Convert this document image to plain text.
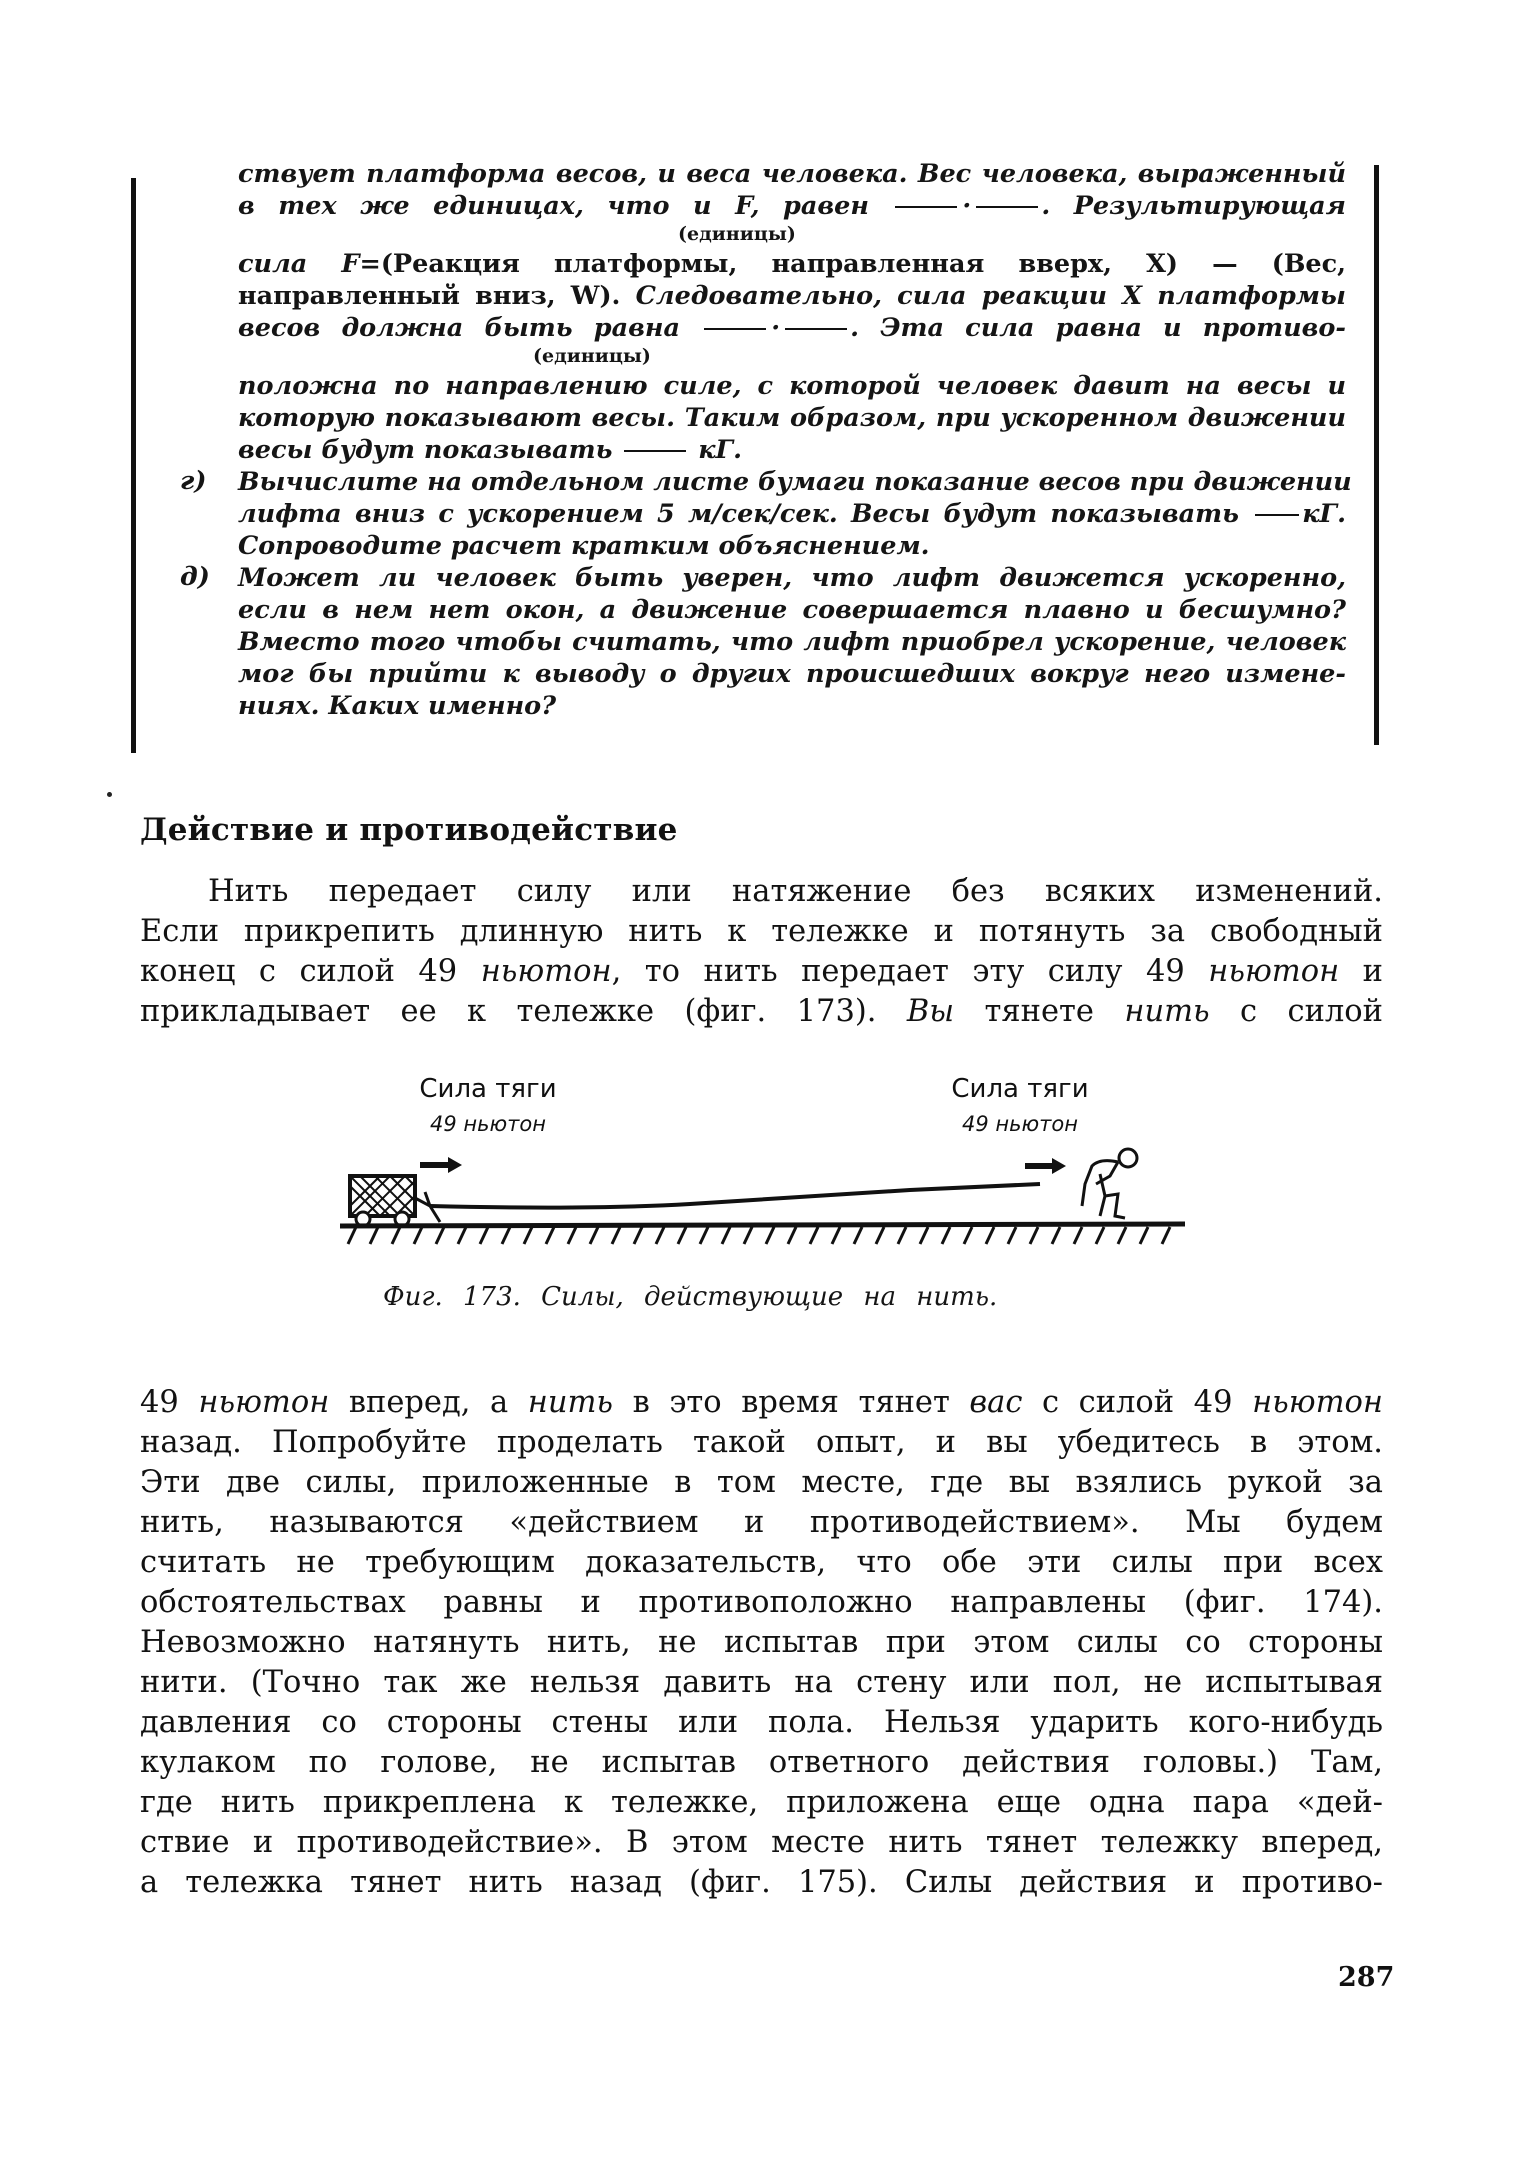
ствует платформа весов, и веса человека. Вес человека, выраженный
в тех же единицах, что и F, равен	·	. Результирующая
(единицы)
сила F=(Реакция платформы, направленная вверх, X) — (Вес,
направленный вниз, W). Следовательно, сила реакции X платформы
весов должна быть равна	·	. Эта сила равна и противо-
(единицы)
положна по направлению силе, с которой человек давит на весы и
которую показывают весы. Таким образом, при ускоренном движении
весы будут показывать	кГ.
г) Вычислите на отдельном листе бумаги показание весов при движении
лифта вниз с ускорением 5 м/сек/сек. Весы будут показывать кГ.
Сопроводите расчет кратким объяснением.
д) Может ли человек быть уверен, что лифт движется ускоренно,
если в нем нет окон, а движение совершается плавно и бесшумно?
Вместо того чтобы считать, что лифт приобрел ускорение, человек
мог бы прийти к выводу о других происшедших вокруг него измене-
ниях. Каких именно?
Действие и противодействие
Нить передает силу или натяжение без всяких изменений.
Если прикрепить длинную нить к тележке и потянуть за свободный
конец с силой 49 ньютон, то нить передает эту силу 49 ньютон и
прикладывает ее к тележке (фиг. 173). Вы тянете нить с силой
Сила тяги
49 ньютон
Сила тяги
49 ньютон
Фиг. 173. Силы, действующие на нить.
49 ньютон вперед, а нить в это время тянет вас с силой 49 ньютон
назад. Попробуйте проделать такой опыт, и вы убедитесь в этом.
Эти две силы, приложенные в том месте, где вы взялись рукой за
нить, называются «действием и противодействием». Мы будем
считать не требующим доказательств, что обе эти силы при всех
обстоятельствах равны и противоположно направлены (фиг. 174).
Невозможно натянуть нить, не испытав при этом силы со стороны
нити. (Точно так же нельзя давить на стену или пол, не испытывая
давления со стороны стены или пола. Нельзя ударить кого-нибудь
кулаком по голове, не испытав ответного действия головы.) Там,
где нить прикреплена к тележке, приложена еще одна пара «дей-
ствие и противодействие». В этом месте нить тянет тележку вперед,
а тележка тянет нить назад (фиг. 175). Силы действия и противо-
287
